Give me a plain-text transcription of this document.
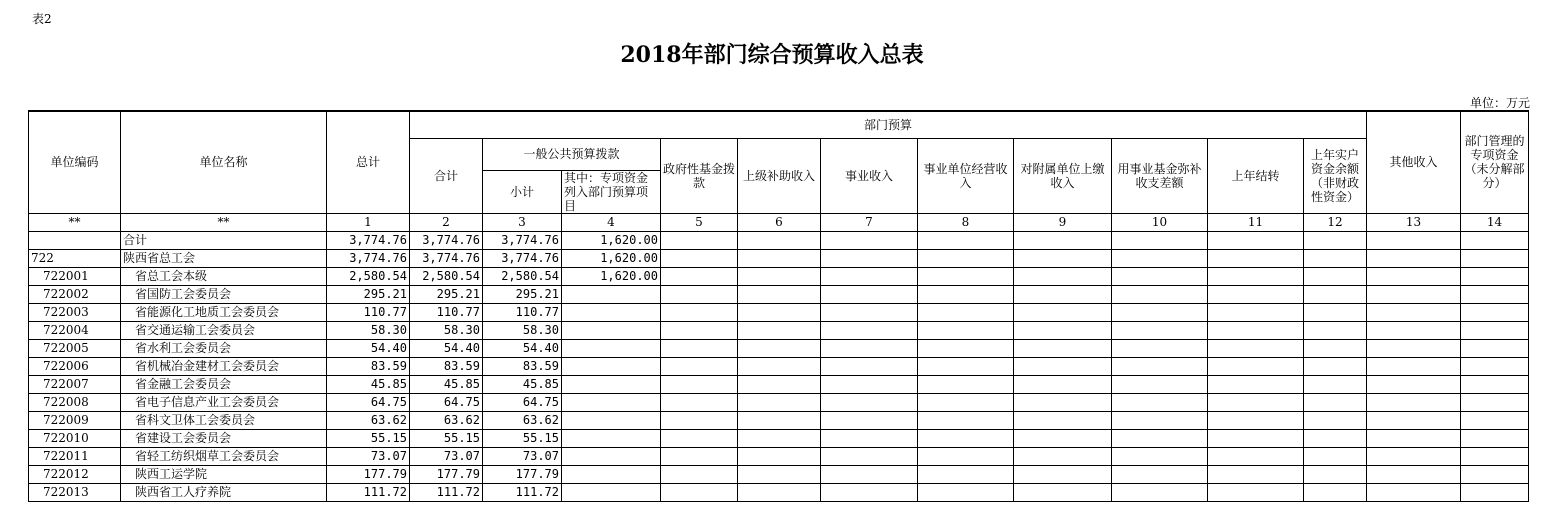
表2
2018年部门综合预算收入总表
单位：万元
单位编码	单位名称	总计	部门预算											其他收入	部门管理的专项资金（未分解部分）
			合计	一般公共预算拨款		政府性基金拨款	上级补助收入	事业收入	事业单位经营收入	对附属单位上缴收入	用事业基金弥补收支差额	上年结转	上年实户资金余额（非财政性资金）		
				小计	其中：专项资金列入部门预算项目										
**	**	1	2	3	4	5	6	7	8	9	10	11	12	13	14
	合计	3,774.76	3,774.76	3,774.76	1,620.00										
722	陕西省总工会	3,774.76	3,774.76	3,774.76	1,620.00										
722001	省总工会本级	2,580.54	2,580.54	2,580.54	1,620.00										
722002	省国防工会委员会	295.21	295.21	295.21											
722003	省能源化工地质工会委员会	110.77	110.77	110.77											
722004	省交通运输工会委员会	58.30	58.30	58.30											
722005	省水利工会委员会	54.40	54.40	54.40											
722006	省机械冶金建材工会委员会	83.59	83.59	83.59											
722007	省金融工会委员会	45.85	45.85	45.85											
722008	省电子信息产业工会委员会	64.75	64.75	64.75											
722009	省科文卫体工会委员会	63.62	63.62	63.62											
722010	省建设工会委员会	55.15	55.15	55.15											
722011	省轻工纺织烟草工会委员会	73.07	73.07	73.07											
722012	陕西工运学院	177.79	177.79	177.79											
722013	陕西省工人疗养院	111.72	111.72	111.72											
